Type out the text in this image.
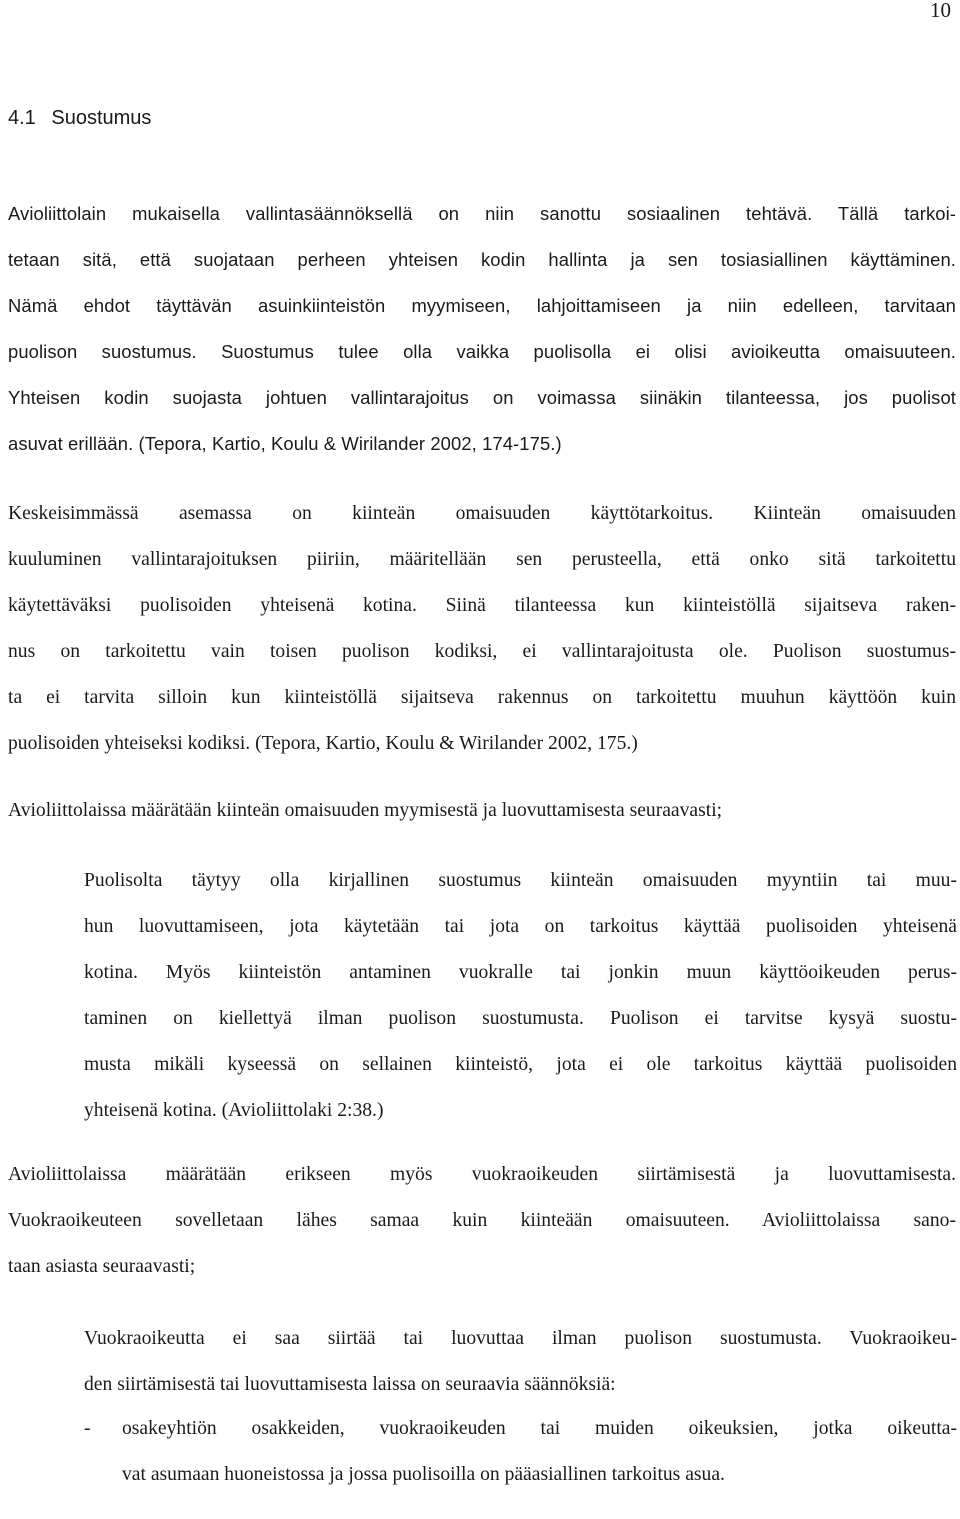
10
4.1 Suostumus
Avioliittolain mukaisella vallintasäännöksellä on niin sanottu sosiaalinen tehtävä. Tällä tarkoi-
tetaan sitä, että suojataan perheen yhteisen kodin hallinta ja sen tosiasiallinen käyttäminen.
Nämä ehdot täyttävän asuinkiinteistön myymiseen, lahjoittamiseen ja niin edelleen, tarvitaan
puolison suostumus. Suostumus tulee olla vaikka puolisolla ei olisi avioikeutta omaisuuteen.
Yhteisen kodin suojasta johtuen vallintarajoitus on voimassa siinäkin tilanteessa, jos puolisot
asuvat erillään. (Tepora, Kartio, Koulu & Wirilander 2002, 174-175.)
Keskeisimmässä asemassa on kiinteän omaisuuden käyttötarkoitus. Kiinteän omaisuuden
kuuluminen vallintarajoituksen piiriin, määritellään sen perusteella, että onko sitä tarkoitettu
käytettäväksi puolisoiden yhteisenä kotina. Siinä tilanteessa kun kiinteistöllä sijaitseva raken-
nus on tarkoitettu vain toisen puolison kodiksi, ei vallintarajoitusta ole. Puolison suostumus-
ta ei tarvita silloin kun kiinteistöllä sijaitseva rakennus on tarkoitettu muuhun käyttöön kuin
puolisoiden yhteiseksi kodiksi. (Tepora, Kartio, Koulu & Wirilander 2002, 175.)
Avioliittolaissa määrätään kiinteän omaisuuden myymisestä ja luovuttamisesta seuraavasti;
Puolisolta täytyy olla kirjallinen suostumus kiinteän omaisuuden myyntiin tai muu-
hun luovuttamiseen, jota käytetään tai jota on tarkoitus käyttää puolisoiden yhteisenä
kotina. Myös kiinteistön antaminen vuokralle tai jonkin muun käyttöoikeuden perus-
taminen on kiellettyä ilman puolison suostumusta. Puolison ei tarvitse kysyä suostu-
musta mikäli kyseessä on sellainen kiinteistö, jota ei ole tarkoitus käyttää puolisoiden
yhteisenä kotina. (Avioliittolaki 2:38.)
Avioliittolaissa määrätään erikseen myös vuokraoikeuden siirtämisestä ja luovuttamisesta.
Vuokraoikeuteen sovelletaan lähes samaa kuin kiinteään omaisuuteen. Avioliittolaissa sano-
taan asiasta seuraavasti;
Vuokraoikeutta ei saa siirtää tai luovuttaa ilman puolison suostumusta. Vuokraoikeu-
den siirtämisestä tai luovuttamisesta laissa on seuraavia säännöksiä:
- osakeyhtiön osakkeiden, vuokraoikeuden tai muiden oikeuksien, jotka oikeutta-
vat asumaan huoneistossa ja jossa puolisoilla on pääasiallinen tarkoitus asua.
